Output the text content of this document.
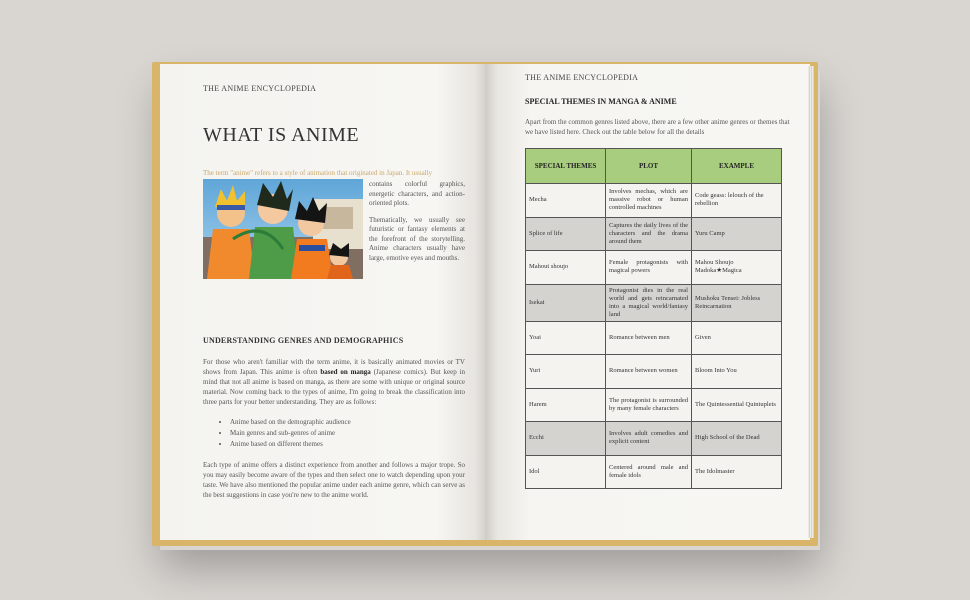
THE ANIME ENCYCLOPEDIA
WHAT IS ANIME
The term "anime" refers to a style of animation that originated in Japan. It usually

contains colorful graphics, energetic characters, and action-oriented plots.

Thematically, we usually see futuristic or fantasy elements at the forefront of the storytelling. Anime characters usually have large, emotive eyes and mouths.

UNDERSTANDING GENRES AND DEMOGRAPHICS
For those who aren't familiar with the term anime, it is basically animated movies or TV shows from Japan. This anime is often based on manga (Japanese comics). But keep in mind that not all anime is based on manga, as there are some with unique or original source material. Now coming back to the types of anime, I'm going to break the classification into three parts for your better understanding. They are as follows:
• Anime based on the demographic audience
• Main genres and sub-genres of anime
• Anime based on different themes
Each type of anime offers a distinct experience from another and follows a major trope. So you may easily become aware of the types and then select one to watch depending upon your taste. We have also mentioned the popular anime under each anime genre, which can serve as the best suggestions in case you're new to the anime world.
THE ANIME ENCYCLOPEDIA
SPECIAL THEMES IN MANGA & ANIME
Apart from the common genres listed above, there are a few other anime genres or themes that we have listed here. Check out the table below for all the details
SPECIAL THEMES	PLOT	EXAMPLE
Mecha	Involves mechas, which are massive robot or human controlled machines	Code geass: lelouch of the rebellion
Splice of life	Captures the daily lives of the characters and the drama around them	Yuru Camp
Mahout shoujo	Female protagonists with magical powers	Mahou Shoujo Madoka★Magica
Isekai	Protagonist dies in the real world and gets reincarnated into a magical world/fantasy land	Mushoku Tensei: Jobless Reincarnation
Yoai	Romance between men	Given
Yuri	Romance between women	Bloom Into You
Harem	The protagonist is surrounded by many female characters	The Quintessential Quintuplets
Ecchi	Involves adult comedies and explicit content	High School of the Dead
Idol	Centered around male and female idols	The Idolmaster
